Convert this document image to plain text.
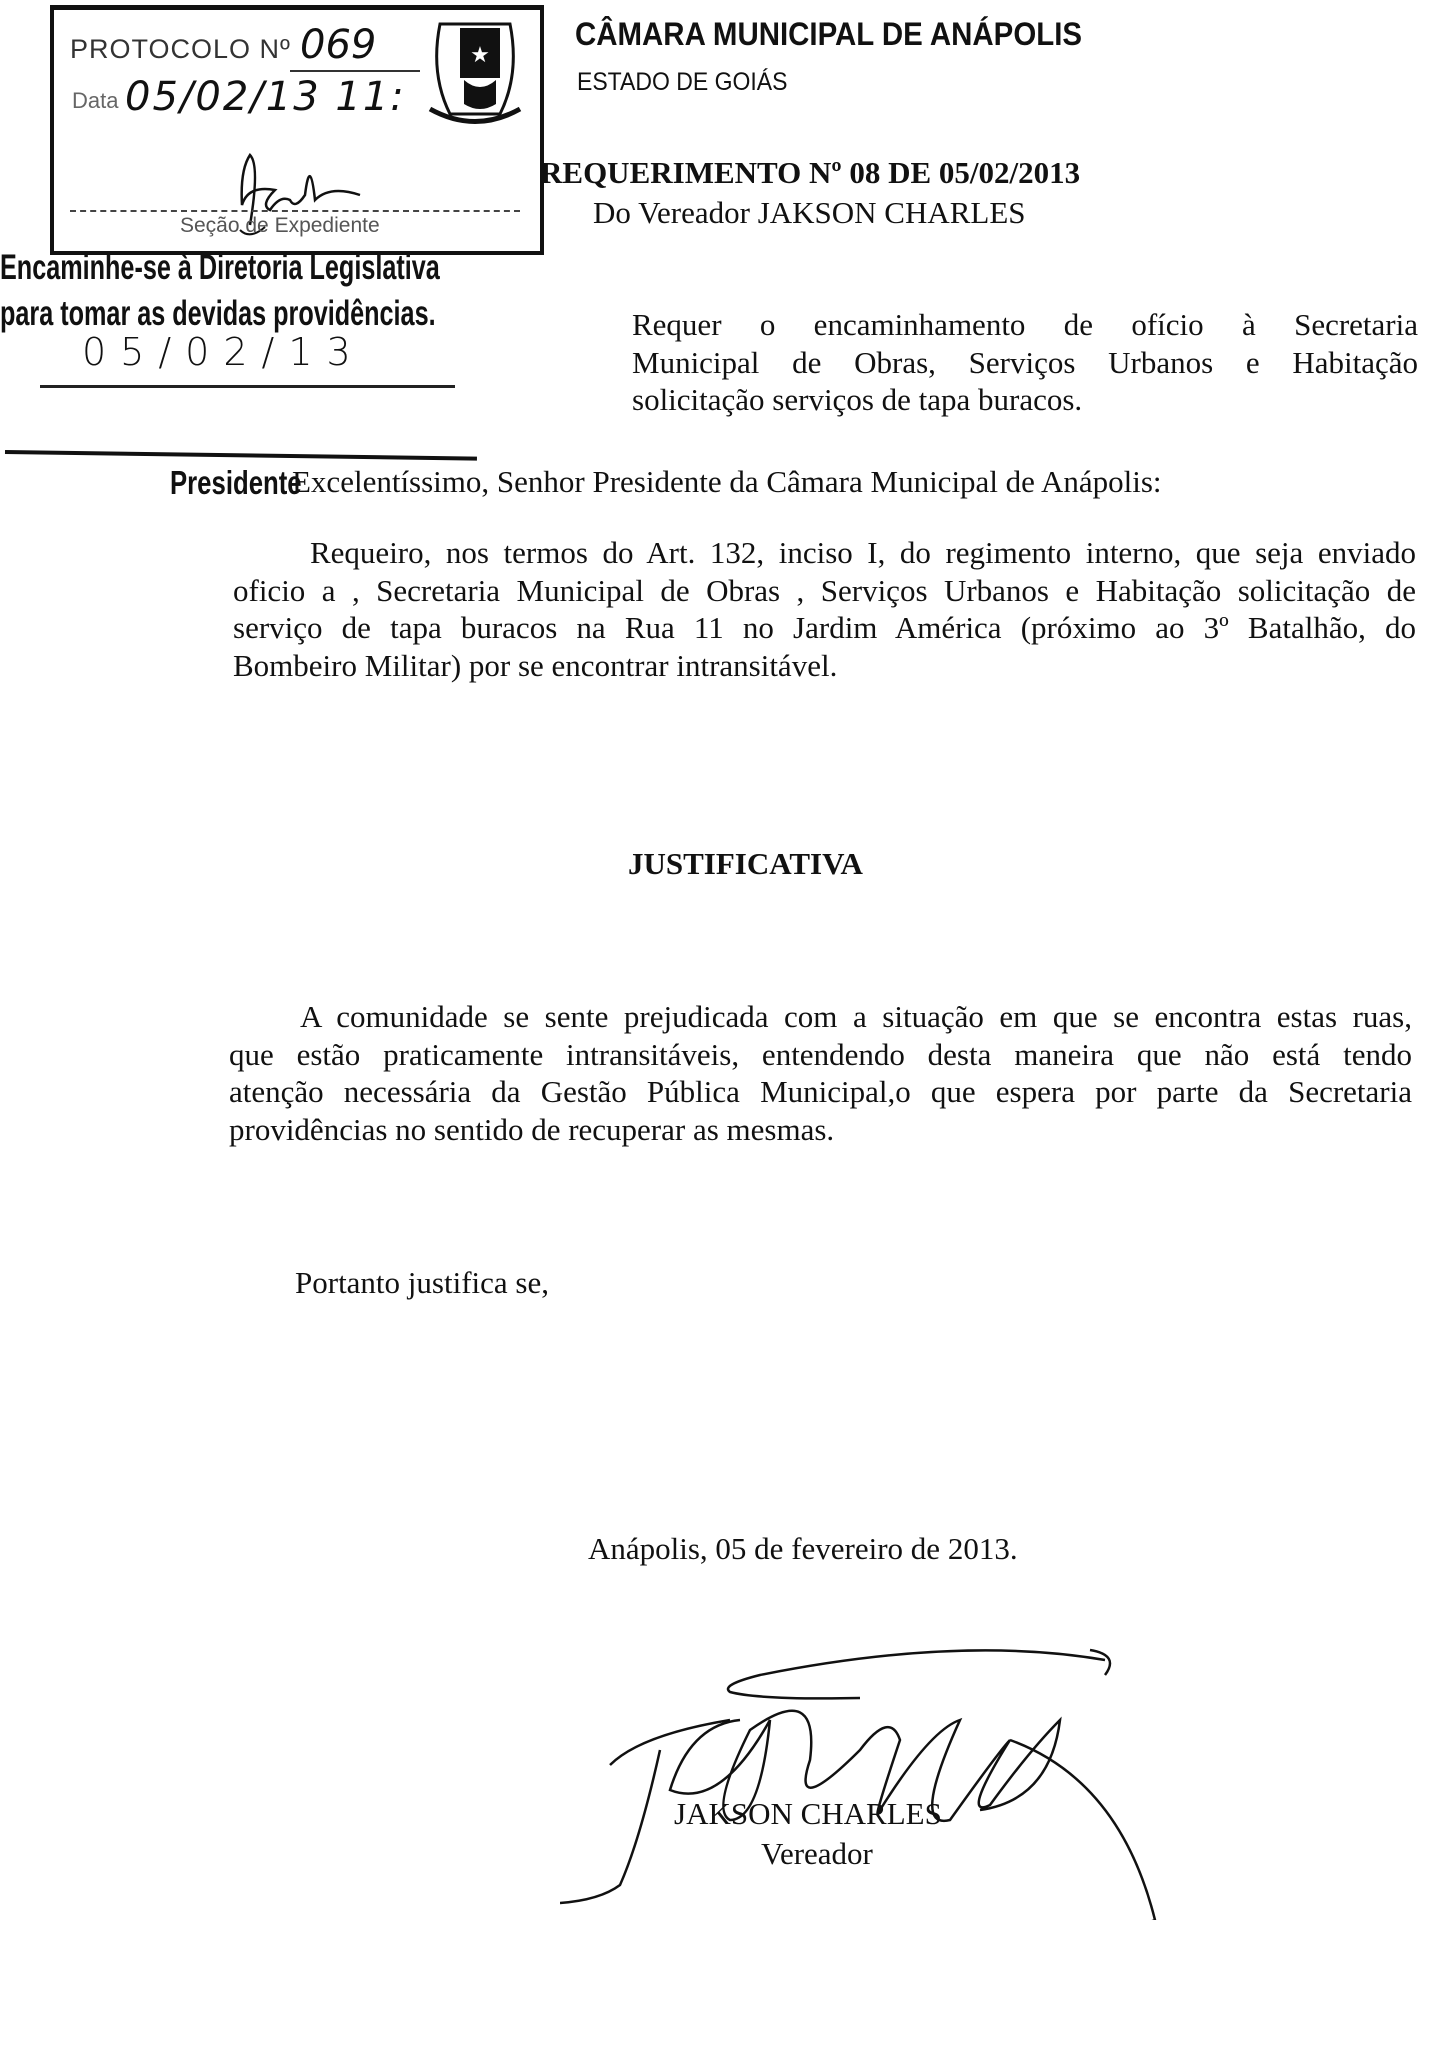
PROTOCOLO Nº 069
Data 05/02/13 11:
★
Seção de Expediente
CÂMARA MUNICIPAL DE ANÁPOLIS
ESTADO DE GOIÁS
REQUERIMENTO Nº 08 DE 05/02/2013
Do Vereador JAKSON CHARLES
Encaminhe-se à Diretoria Legislativa
para tomar as devidas providências.
05/02/13
Presidente
Requer o encaminhamento de ofício à Secretaria
Municipal de Obras, Serviços Urbanos e Habitação
solicitação serviços de tapa buracos.
Excelentíssimo, Senhor Presidente da Câmara Municipal de Anápolis:
Requeiro, nos termos do Art. 132, inciso I, do regimento interno, que seja enviado
oficio a , Secretaria Municipal de Obras , Serviços Urbanos e Habitação solicitação de
serviço de tapa buracos na Rua 11 no Jardim América (próximo ao 3º Batalhão, do
Bombeiro Militar) por se encontrar intransitável.
JUSTIFICATIVA
A comunidade se sente prejudicada com a situação em que se encontra estas ruas,
que estão praticamente intransitáveis, entendendo desta maneira que não está tendo
atenção necessária da Gestão Pública Municipal,o que espera por parte da Secretaria
providências no sentido de recuperar as mesmas.
Portanto justifica se,
Anápolis, 05 de fevereiro de 2013.
JAKSON CHARLES
Vereador
